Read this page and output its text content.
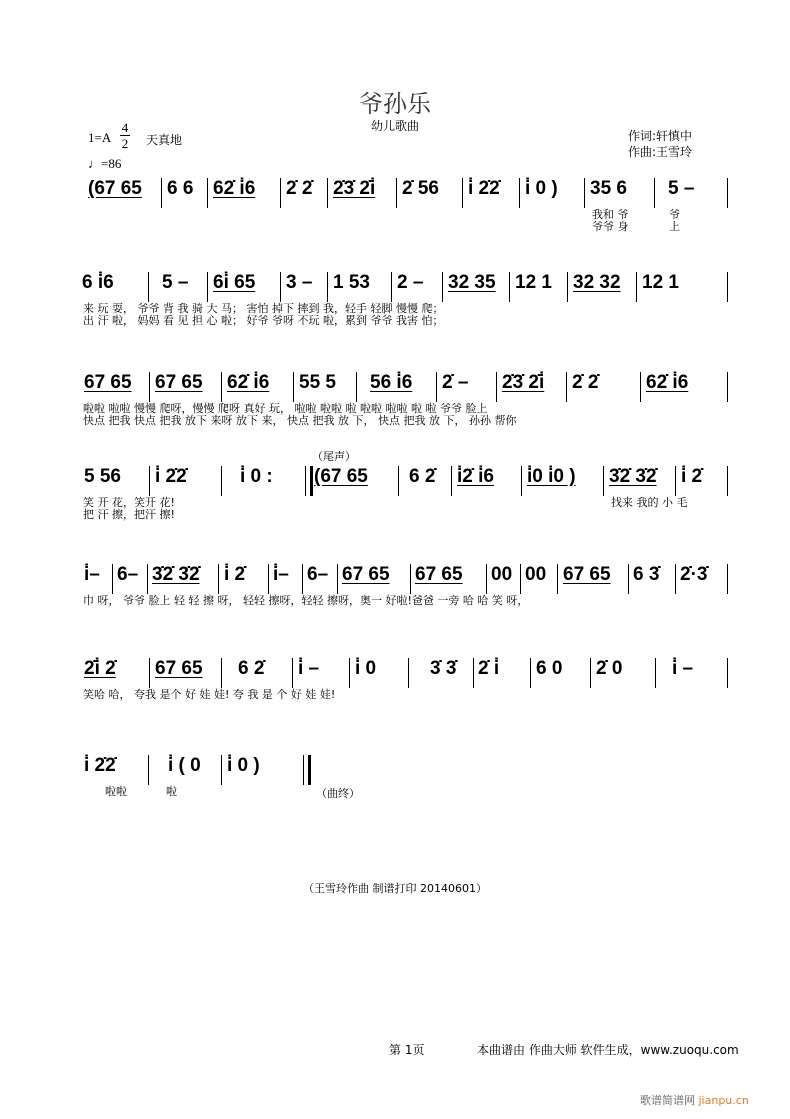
爷孙乐
幼儿歌曲
1=A
4
2 天真地
♩=86
作词:轩慎中
作曲:王雪玲
(67 65 6 6 62̇ i̇6 2̇ 2̇ 2̇3̇ 2̇i̇ 2̇ 56 i̇ 2̇2̇ i̇ 0 ) 35 6 5 –
我和 爷
爷爷 身
爷
上
6 i̇6	5 – 6i̇ 65 3 – 1 53 2 – 32 35 12 1 32 32 12 1
来 玩 耍， 爷爷 背 我 骑 大 马； 害怕 掉下 摔到 我，轻手 轻脚 慢慢 爬；
出 汗 啦， 妈妈 看 见 担 心 啦； 好爷 爷呀 不玩 啦，累到 爷爷 我害 怕；
67 65 67 65 62̇ i̇6 55 5 56 i̇6 2̇ – 2̇3̇ 2̇i̇ 2̇ 2̇	62̇ i̇6
啦啦 啦啦 慢慢 爬呀，慢慢 爬呀 真好 玩， 啦啦 啦啦 啦 啦啦 啦啦 啦 啦 爷爷 脸上
快点 把我 快点 把我 放下 来呀 放下 来， 快点 把我 放 下， 快点 把我 放 下， 孙孙 帮你
（尾声）
5 56 i̇ 2̇2̇	i̇ 0 : (67 65 6 2̇ i̇2̇ i̇6 i̇0 i̇0 ) 3̇2̇ 3̇2̇ i̇ 2̇
笑 开 花，笑开 花!
把 汗 擦，把汗 擦!
找来 我的 小 毛
i̇– 6– 3̇2̇ 3̇2̇ i̇ 2̇ i̇– 6– 67 65 67 65 00 00 67 65 6 3̇ 2̇·3̇
巾 呀， 爷爷 脸上 轻 轻 擦 呀， 轻轻 擦呀，轻轻 擦呀，奥一 好啦!爸爸 一旁 哈 哈 笑 呀，
2̇i̇ 2̇ 67 65 6 2̇ i̇ – i̇ 0	3̇ 3̇ 2̇ i̇ 6 0 2̇ 0	i̇ –
笑哈 哈， 夸我 是个 好 娃 娃! 夸 我 是 个 好 娃 娃!
i̇ 2̇2̇	i̇ ( 0 i̇ 0 )
啦啦	啦	（曲终）
（王雪玲作曲 制谱打印 20140601）
第 1页	本曲谱由 作曲大师 软件生成，www.zuoqu.com
歌谱简谱网 jianpu.cn
